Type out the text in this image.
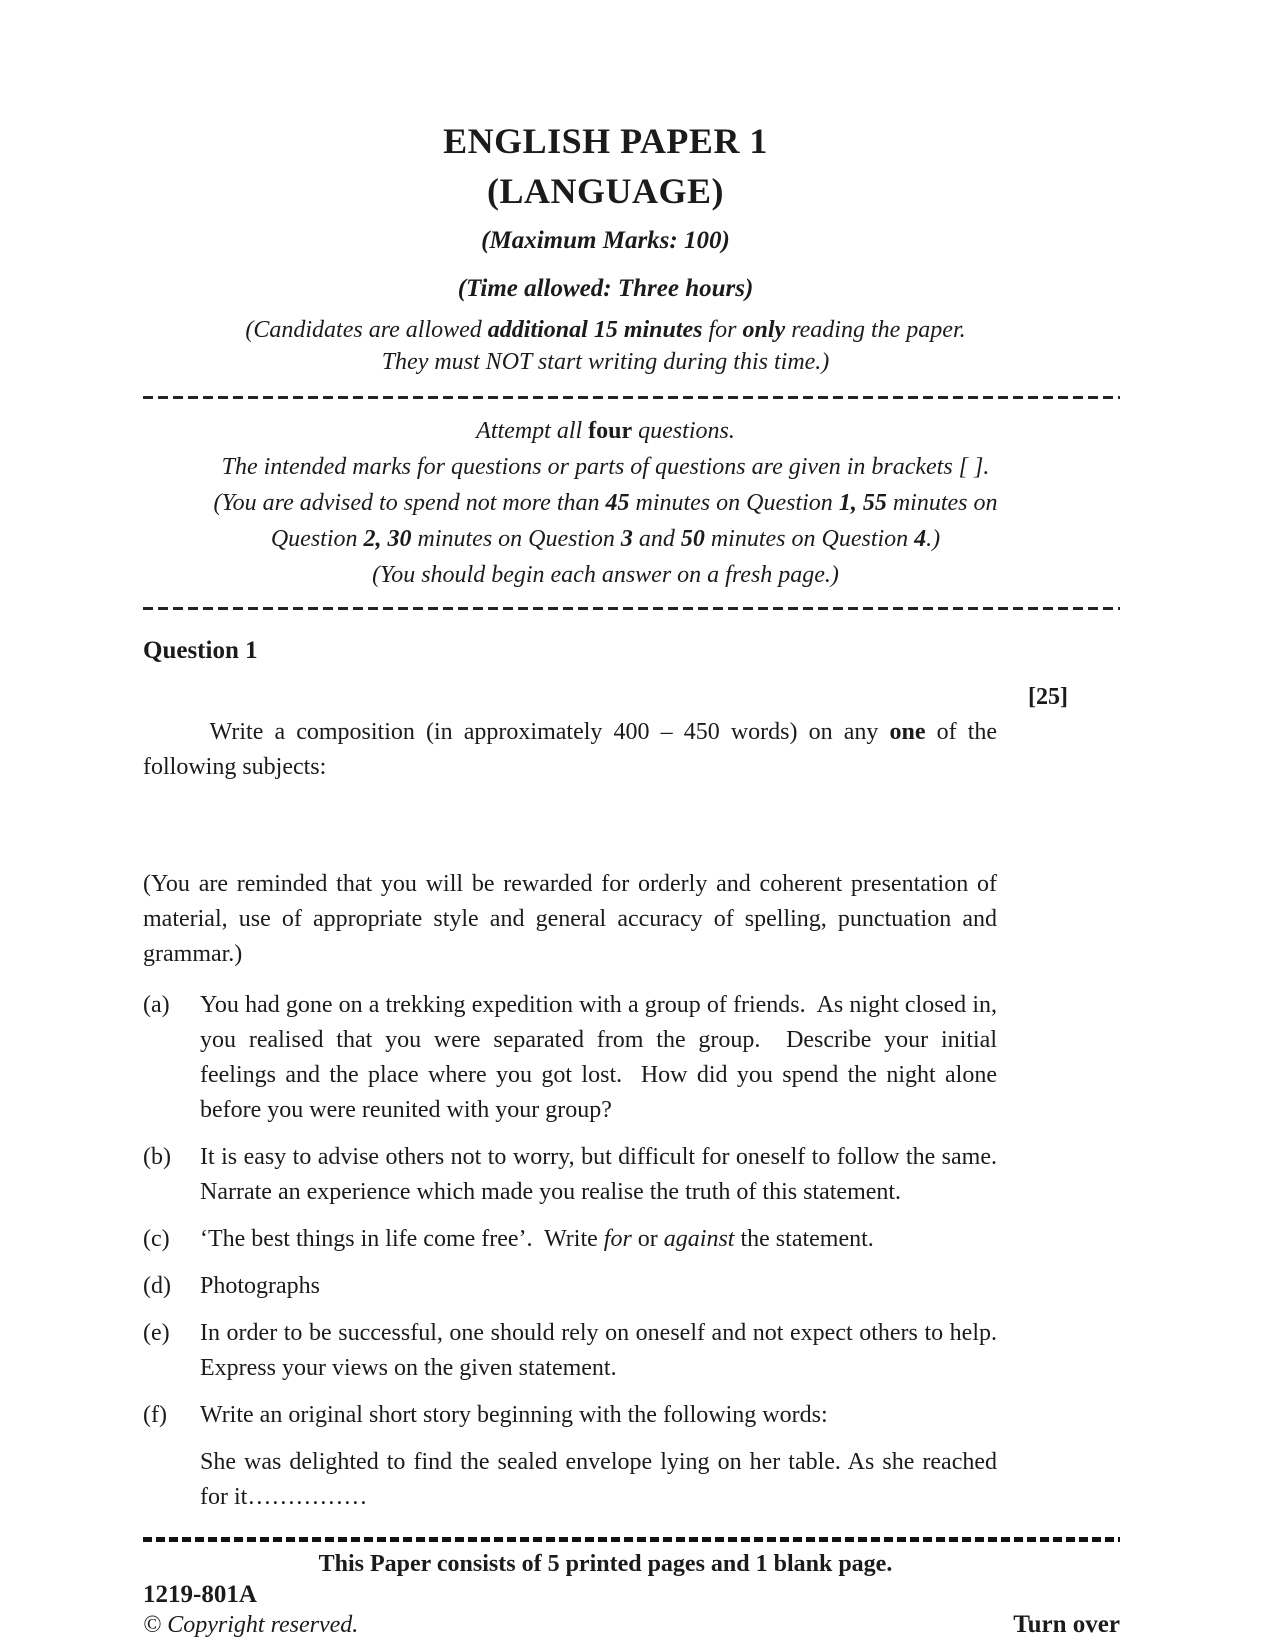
ENGLISH PAPER 1
(LANGUAGE)
(Maximum Marks: 100)
(Time allowed: Three hours)
(Candidates are allowed additional 15 minutes for only reading the paper.
They must NOT start writing during this time.)
Attempt all four questions.
The intended marks for questions or parts of questions are given in brackets [ ].
(You are advised to spend not more than 45 minutes on Question 1, 55 minutes on
Question 2, 30 minutes on Question 3 and 50 minutes on Question 4.)
(You should begin each answer on a fresh page.)
Question 1

Write a composition (in approximately 400 – 450 words) on any one of the following subjects:

[25]

(You are reminded that you will be rewarded for orderly and coherent presentation of material, use of appropriate style and general accuracy of spelling, punctuation and grammar.)
(a)	You had gone on a trekking expedition with a group of friends.  As night closed in, you realised that you were separated from the group.  Describe your initial feelings and the place where you got lost.  How did you spend the night alone before you were reunited with your group?
(b)	It is easy to advise others not to worry, but difficult for oneself to follow the same. Narrate an experience which made you realise the truth of this statement.
(c)	‘The best things in life come free’.  Write for or against the statement.
(d)	Photographs
(e)	In order to be successful, one should rely on oneself and not expect others to help. Express your views on the given statement.
(f)	Write an original short story beginning with the following words:
She was delighted to find the sealed envelope lying on her table. As she reached for it……………
This Paper consists of 5 printed pages and 1 blank page.
1219-801A
© Copyright reserved.	Turn over
